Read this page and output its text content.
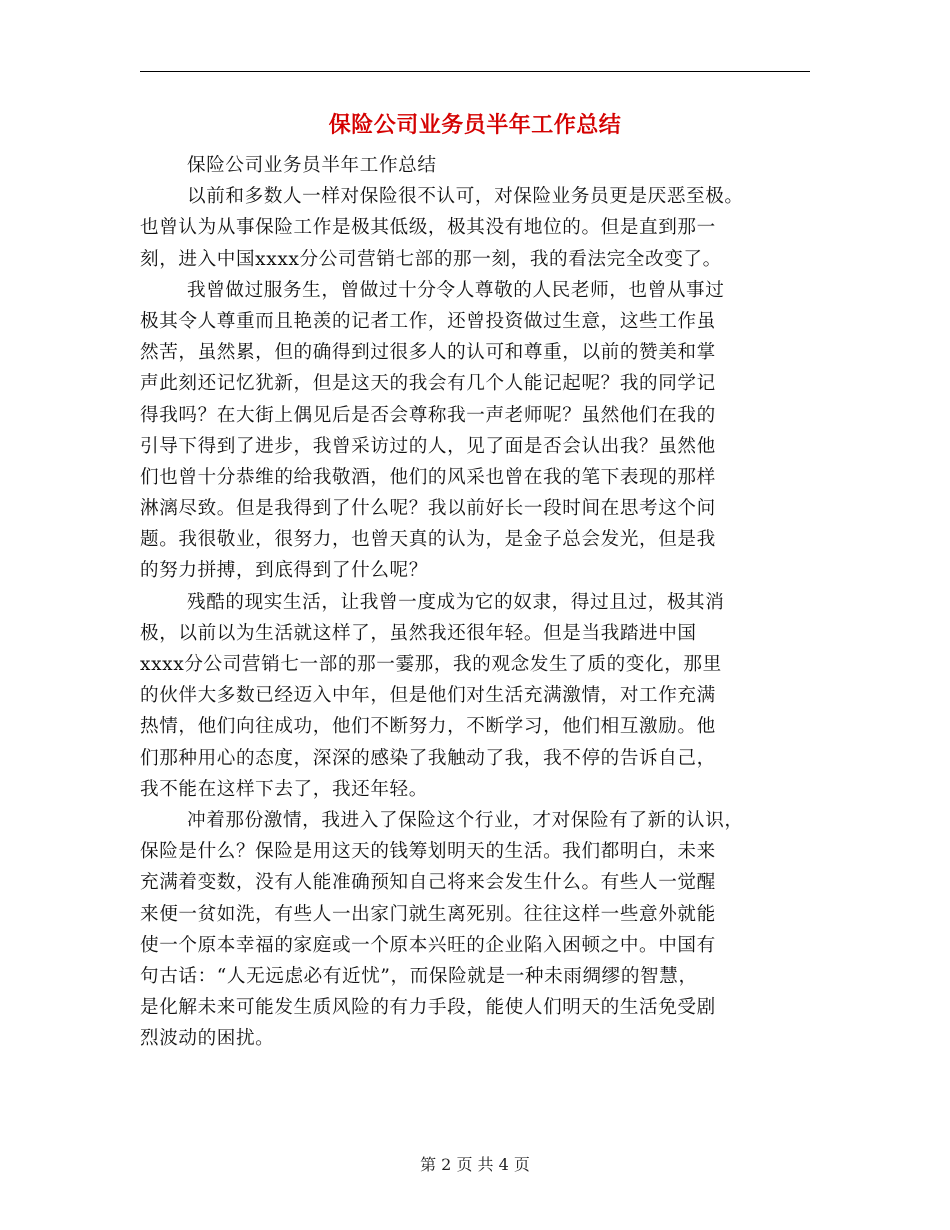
保险公司业务员半年工作总结
保险公司业务员半年工作总结
以前和多数人一样对保险很不认可，对保险业务员更是厌恶至极。
也曾认为从事保险工作是极其低级，极其没有地位的。但是直到那一
刻，进入中国xxxx分公司营销七部的那一刻，我的看法完全改变了。
我曾做过服务生，曾做过十分令人尊敬的人民老师，也曾从事过
极其令人尊重而且艳羡的记者工作，还曾投资做过生意，这些工作虽
然苦，虽然累，但的确得到过很多人的认可和尊重，以前的赞美和掌
声此刻还记忆犹新，但是这天的我会有几个人能记起呢？我的同学记
得我吗？在大街上偶见后是否会尊称我一声老师呢？虽然他们在我的
引导下得到了进步，我曾采访过的人，见了面是否会认出我？虽然他
们也曾十分恭维的给我敬酒，他们的风采也曾在我的笔下表现的那样
淋漓尽致。但是我得到了什么呢？我以前好长一段时间在思考这个问
题。我很敬业，很努力，也曾天真的认为，是金子总会发光，但是我
的努力拼搏，到底得到了什么呢？
残酷的现实生活，让我曾一度成为它的奴隶，得过且过，极其消
极，以前以为生活就这样了，虽然我还很年轻。但是当我踏进中国
xxxx分公司营销七一部的那一霎那，我的观念发生了质的变化，那里
的伙伴大多数已经迈入中年，但是他们对生活充满激情，对工作充满
热情，他们向往成功，他们不断努力，不断学习，他们相互激励。他
们那种用心的态度，深深的感染了我触动了我，我不停的告诉自己，
我不能在这样下去了，我还年轻。
冲着那份激情，我进入了保险这个行业，才对保险有了新的认识，
保险是什么？保险是用这天的钱筹划明天的生活。我们都明白，未来
充满着变数，没有人能准确预知自己将来会发生什么。有些人一觉醒
来便一贫如洗，有些人一出家门就生离死别。往往这样一些意外就能
使一个原本幸福的家庭或一个原本兴旺的企业陷入困顿之中。中国有
句古话：“人无远虑必有近忧”，而保险就是一种未雨绸缪的智慧，
是化解未来可能发生质风险的有力手段，能使人们明天的生活免受剧
烈波动的困扰。
第 2 页 共 4 页
